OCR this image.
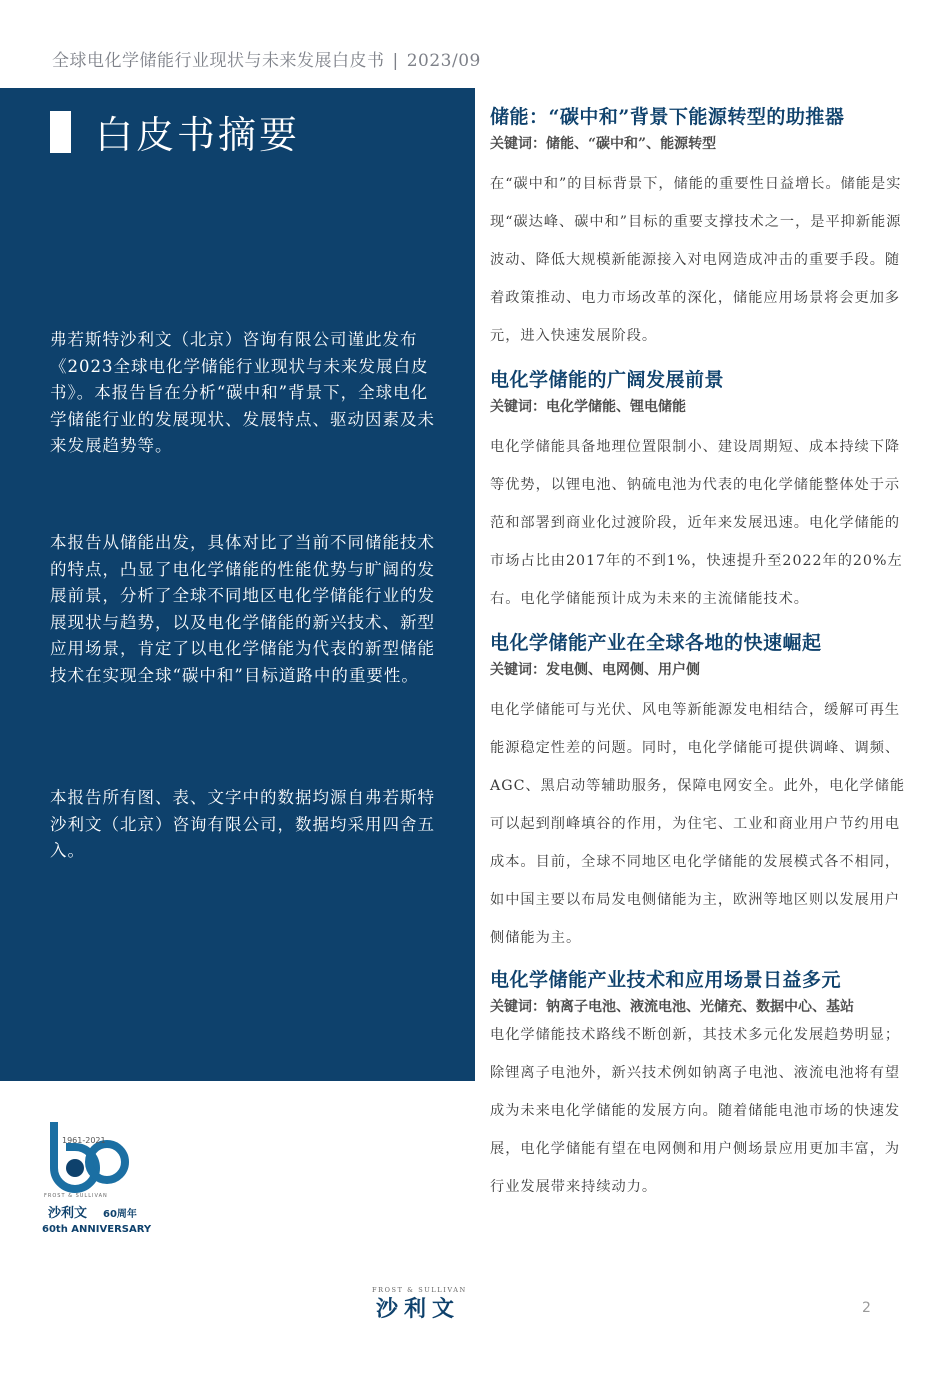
全球电化学储能行业现状与未来发展白皮书 | 2023/09
白皮书摘要

弗若斯特沙利文（北京）咨询有限公司谨此发布《2023全球电化学储能行业现状与未来发展白皮书》。本报告旨在分析“碳中和”背景下，全球电化学储能行业的发展现状、发展特点、驱动因素及未来发展趋势等。

本报告从储能出发，具体对比了当前不同储能技术的特点，凸显了电化学储能的性能优势与旷阔的发展前景，分析了全球不同地区电化学储能行业的发展现状与趋势，以及电化学储能的新兴技术、新型应用场景，肯定了以电化学储能为代表的新型储能技术在实现全球“碳中和”目标道路中的重要性。

本报告所有图、表、文字中的数据均源自弗若斯特沙利文（北京）咨询有限公司，数据均采用四舍五入。

储能：“碳中和”背景下能源转型的助推器
关键词：储能、“碳中和”、能源转型
在“碳中和”的目标背景下，储能的重要性日益增长。储能是实现“碳达峰、碳中和”目标的重要支撑技术之一，是平抑新能源波动、降低大规模新能源接入对电网造成冲击的重要手段。随着政策推动、电力市场改革的深化，储能应用场景将会更加多元，进入快速发展阶段。
电化学储能的广阔发展前景
关键词：电化学储能、锂电储能
电化学储能具备地理位置限制小、建设周期短、成本持续下降等优势，以锂电池、钠硫电池为代表的电化学储能整体处于示范和部署到商业化过渡阶段，近年来发展迅速。电化学储能的市场占比由2017年的不到1%，快速提升至2022年的20%左右。电化学储能预计成为未来的主流储能技术。
电化学储能产业在全球各地的快速崛起
关键词：发电侧、电网侧、用户侧
电化学储能可与光伏、风电等新能源发电相结合，缓解可再生能源稳定性差的问题。同时，电化学储能可提供调峰、调频、AGC、黑启动等辅助服务，保障电网安全。此外，电化学储能可以起到削峰填谷的作用，为住宅、工业和商业用户节约用电成本。目前，全球不同地区电化学储能的发展模式各不相同，如中国主要以布局发电侧储能为主，欧洲等地区则以发展用户侧储能为主。
电化学储能产业技术和应用场景日益多元
关键词：钠离子电池、液流电池、光储充、数据中心、基站
电化学储能技术路线不断创新，其技术多元化发展趋势明显；除锂离子电池外，新兴技术例如钠离子电池、液流电池将有望成为未来电化学储能的发展方向。随着储能电池市场的快速发展，电化学储能有望在电网侧和用户侧场景应用更加丰富，为行业发展带来持续动力。
1961-2021
FROST & SULLIVAN
沙利文 60周年
60th ANNIVERSARY
FROST & SULLIVAN
沙利文	2
